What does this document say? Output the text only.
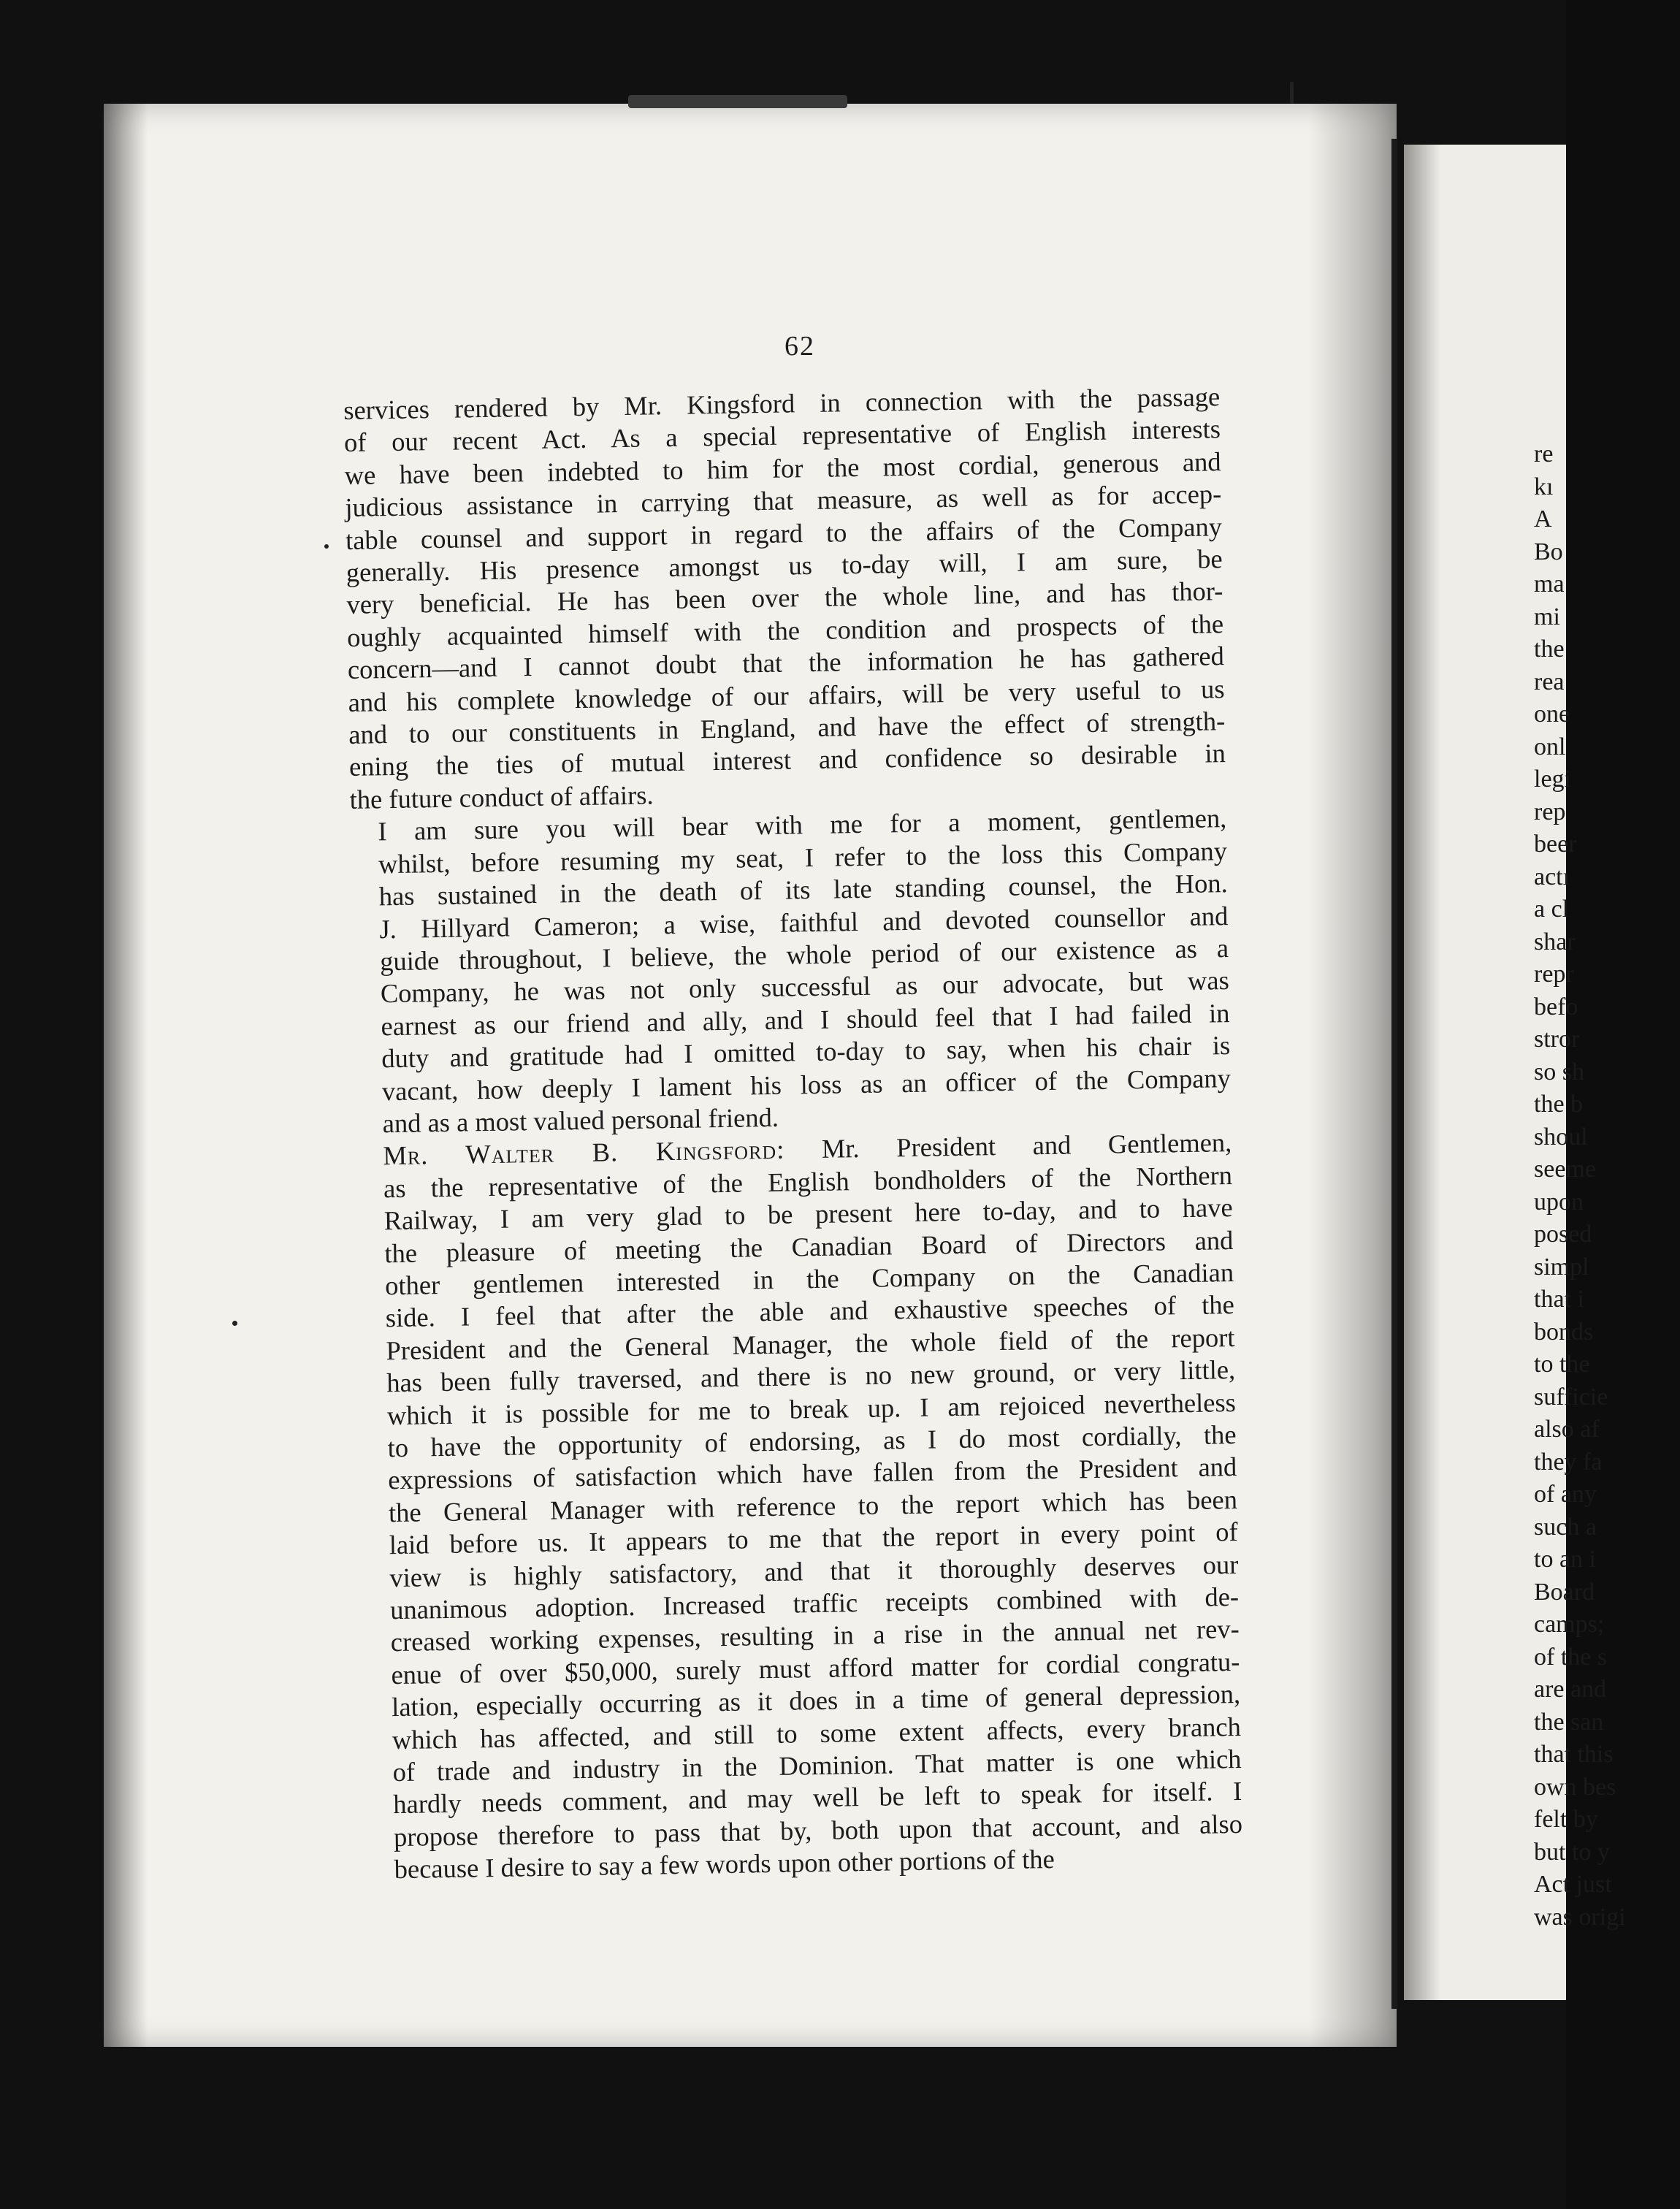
62

services rendered by Mr. Kingsford in connection with the passage
of our recent Act. As a special representative of English interests
we have been indebted to him for the most cordial, generous and
judicious assistance in carrying that measure, as well as for accep-
table counsel and support in regard to the affairs of the Company
generally. His presence amongst us to-day will, I am sure, be
very beneficial. He has been over the whole line, and has thor-
oughly acquainted himself with the condition and prospects of the
concern—and I cannot doubt that the information he has gathered
and his complete knowledge of our affairs, will be very useful to us
and to our constituents in England, and have the effect of strength-
ening the ties of mutual interest and confidence so desirable in
the future conduct of affairs.

I am sure you will bear with me for a moment, gentlemen,
whilst, before resuming my seat, I refer to the loss this Company
has sustained in the death of its late standing counsel, the Hon.
J. Hillyard Cameron; a wise, faithful and devoted counsellor and
guide throughout, I believe, the whole period of our existence as a
Company, he was not only successful as our advocate, but was
earnest as our friend and ally, and I should feel that I had failed in
duty and gratitude had I omitted to-day to say, when his chair is
vacant, how deeply I lament his loss as an officer of the Company
and as a most valued personal friend.

Mr. Walter B. Kingsford: Mr. President and Gentlemen,
as the representative of the English bondholders of the Northern
Railway, I am very glad to be present here to-day, and to have
the pleasure of meeting the Canadian Board of Directors and
other gentlemen interested in the Company on the Canadian
side. I feel that after the able and exhaustive speeches of the
President and the General Manager, the whole field of the report
has been fully traversed, and there is no new ground, or very little,
which it is possible for me to break up. I am rejoiced nevertheless
to have the opportunity of endorsing, as I do most cordially, the
expressions of satisfaction which have fallen from the President and
the General Manager with reference to the report which has been
laid before us. It appears to me that the report in every point of
view is highly satisfactory, and that it thoroughly deserves our
unanimous adoption. Increased traffic receipts combined with de-
creased working expenses, resulting in a rise in the annual net rev-
enue of over $50,000, surely must afford matter for cordial congratu-
lation, especially occurring as it does in a time of general depression,
which has affected, and still to some extent affects, every branch
of trade and industry in the Dominion. That matter is one which
hardly needs comment, and may well be left to speak for itself. I
propose therefore to pass that by, both upon that account, and also
because I desire to say a few words upon other portions of the

re
kı
A
Bo
ma
mi
the
rea
one
onl
legi
rep
beer
actı
a cl
shar
repr
befo
stror
so sh
the b
shoul
seeme
upon
posed
simpl
that i
bonds
to the
sufficie
also af
they fa
of any
such a
to an i
Board
camps;
of the s
are and
the san
that this
own bes
felt by
but to y
Act just
was origi
